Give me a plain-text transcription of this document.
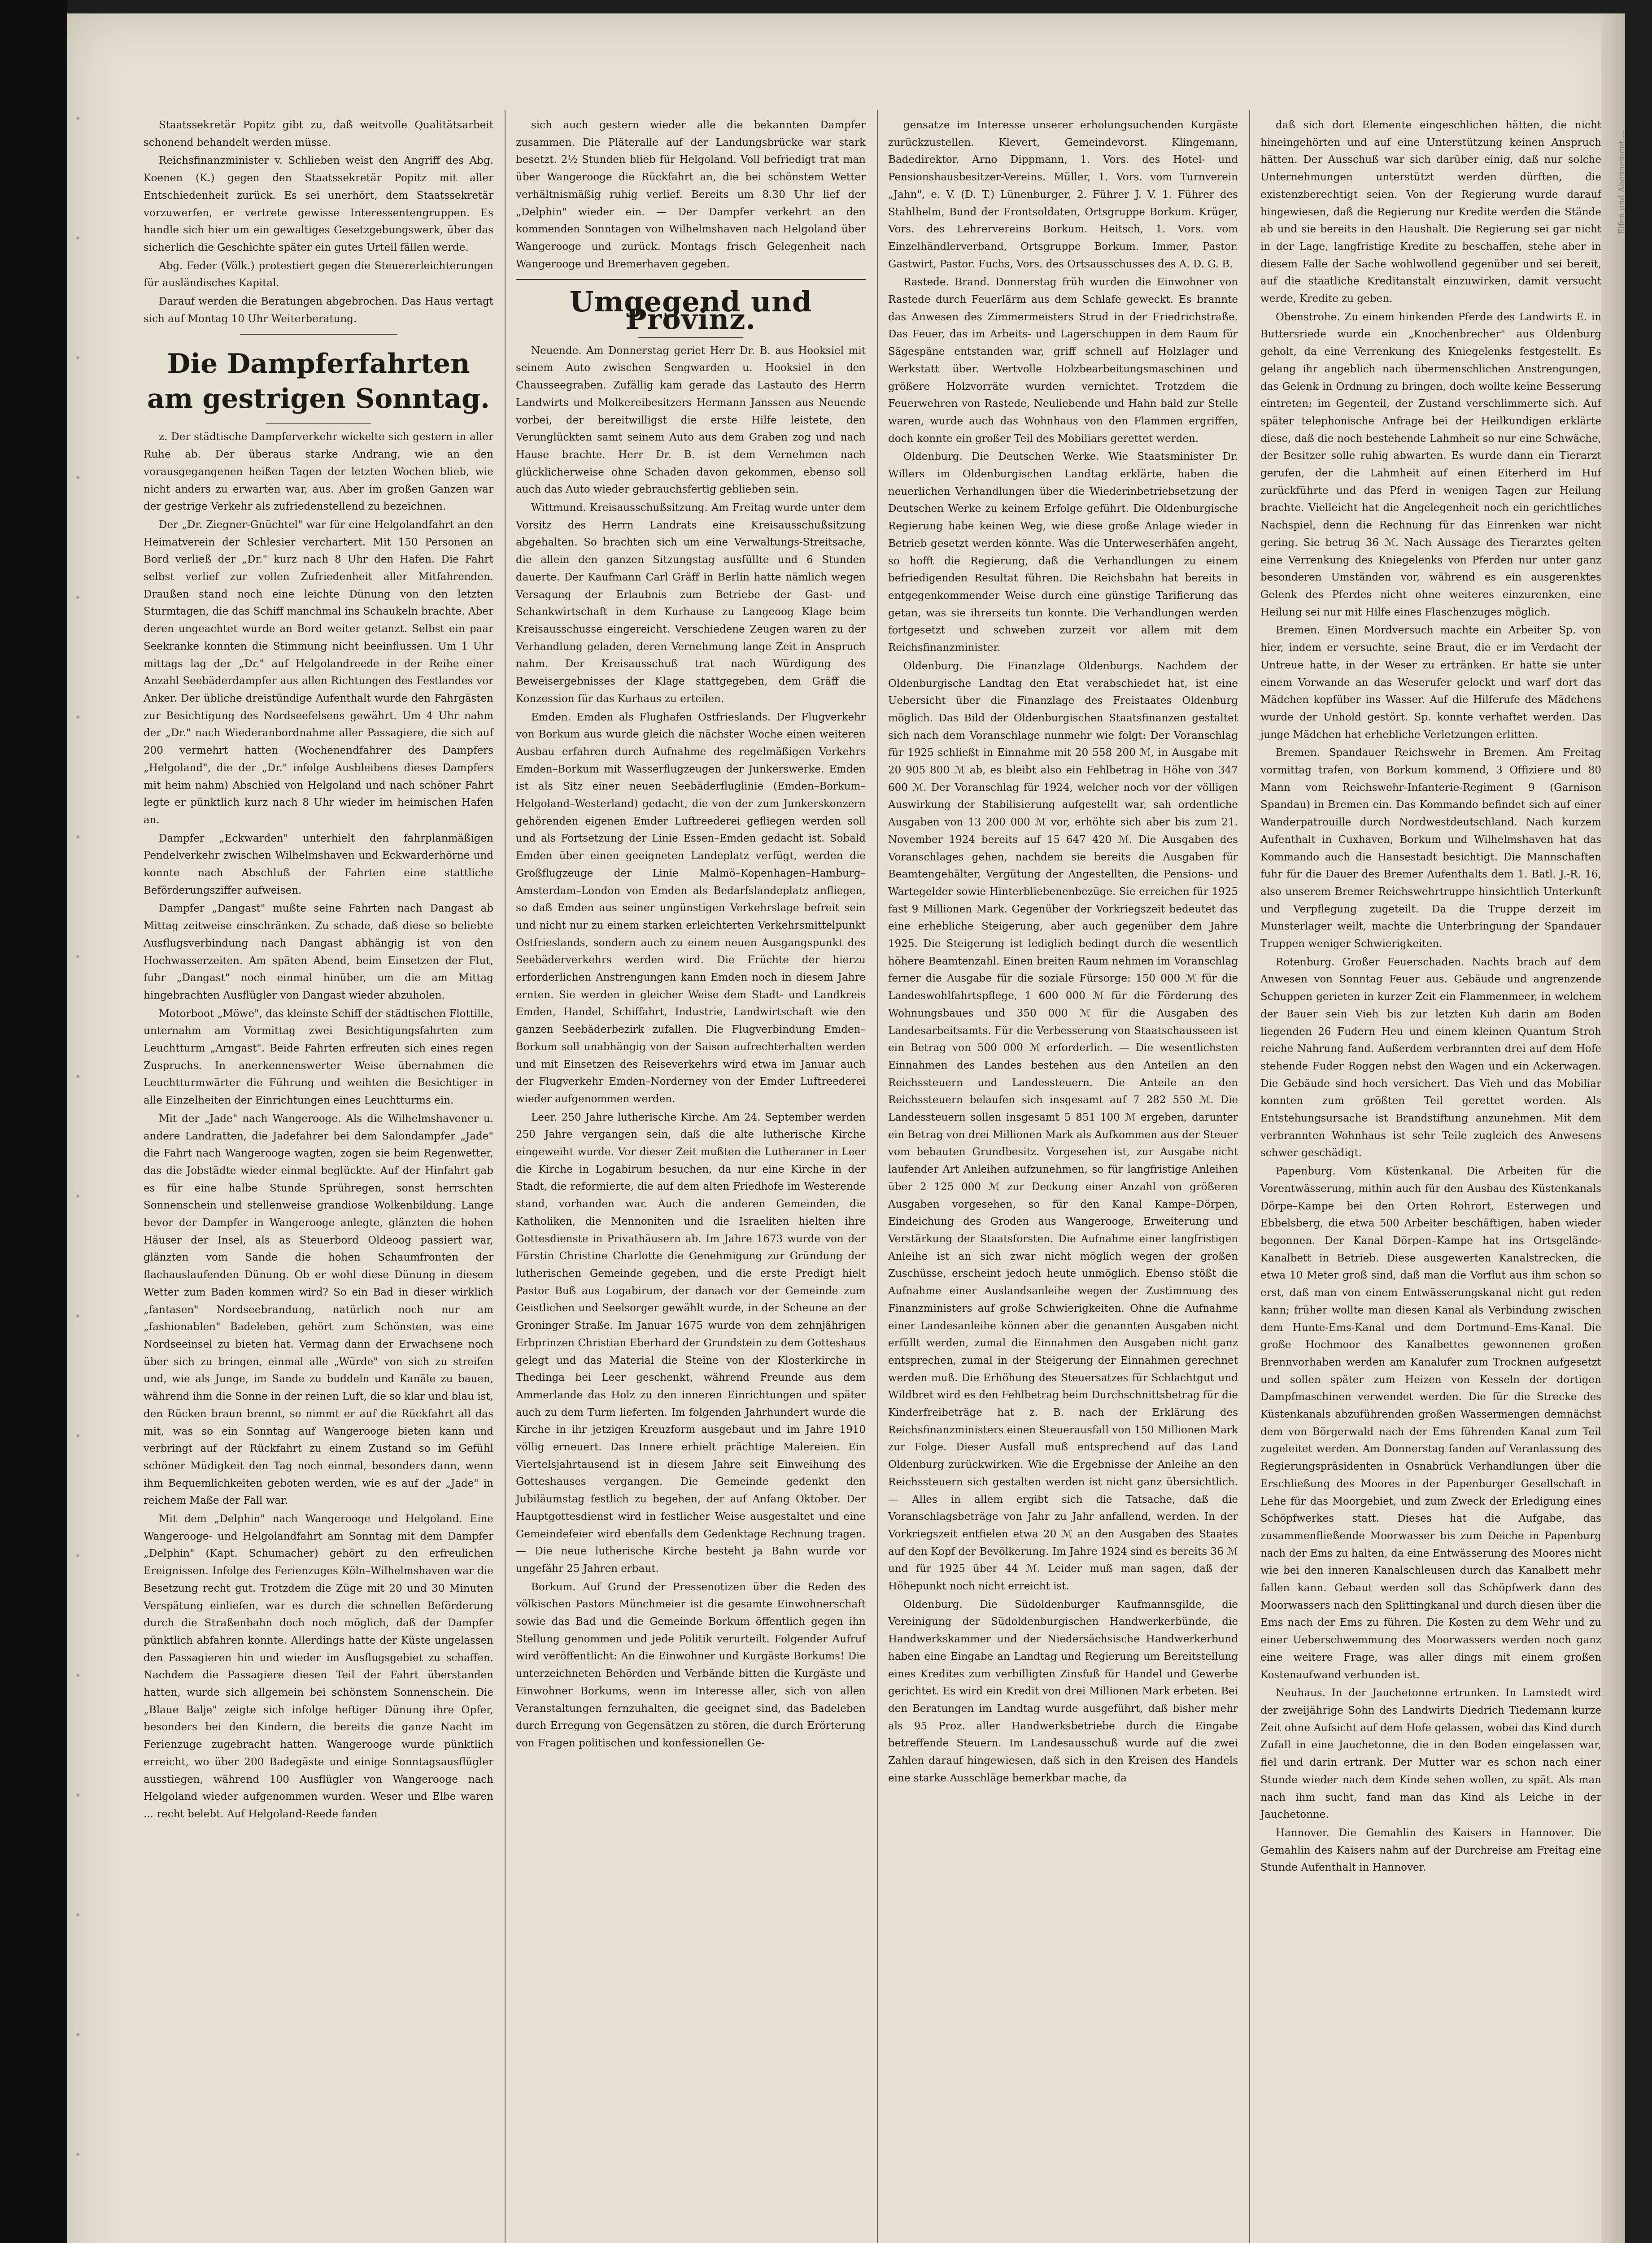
Staatssekretär Popitz gibt zu, daß weitvolle Qualitätsarbeit schonend behandelt werden müsse.

Reichsfinanzminister v. Schlieben weist den Angriff des Abg. Koenen (K.) gegen den Staatssekretär Popitz mit aller Entschiedenheit zurück. Es sei unerhört, dem Staatssekretär vorzuwerfen, er vertrete gewisse Interessentengruppen. Es handle sich hier um ein gewaltiges Gesetzgebungswerk, über das sicherlich die Geschichte später ein gutes Urteil fällen werde.

Abg. Feder (Völk.) protestiert gegen die Steuererleichterungen für ausländisches Kapital.

Darauf werden die Beratungen abgebrochen. Das Haus vertagt sich auf Montag 10 Uhr Weiterberatung.

Die Dampferfahrten am gestrigen Sonntag.

z. Der städtische Dampferverkehr wickelte sich gestern in aller Ruhe ab. Der überaus starke Andrang, wie an den vorausgegangenen heißen Tagen der letzten Wochen blieb, wie nicht anders zu erwarten war, aus. Aber im großen Ganzen war der gestrige Verkehr als zufriedenstellend zu bezeichnen.

Der „Dr. Ziegner-Gnüchtel" war für eine Helgolandfahrt an den Heimatverein der Schlesier verchartert. Mit 150 Personen an Bord verließ der „Dr." kurz nach 8 Uhr den Hafen. Die Fahrt selbst verlief zur vollen Zufriedenheit aller Mitfahrenden. Draußen stand noch eine leichte Dünung von den letzten Sturmtagen, die das Schiff manchmal ins Schaukeln brachte. Aber deren ungeachtet wurde an Bord weiter getanzt. Selbst ein paar Seekranke konnten die Stimmung nicht beeinflussen. Um 1 Uhr mittags lag der „Dr." auf Helgolandreede in der Reihe einer Anzahl Seebäderdampfer aus allen Richtungen des Festlandes vor Anker. Der übliche dreistündige Aufenthalt wurde den Fahrgästen zur Besichtigung des Nordseefelsens gewährt. Um 4 Uhr nahm der „Dr." nach Wiederanbordnahme aller Passagiere, die sich auf 200 vermehrt hatten (Wochenendfahrer des Dampfers „Helgoland", die der „Dr." infolge Ausbleibens dieses Dampfers mit heim nahm) Abschied von Helgoland und nach schöner Fahrt legte er pünktlich kurz nach 8 Uhr wieder im heimischen Hafen an.

Dampfer „Eckwarden" unterhielt den fahrplanmäßigen Pendelverkehr zwischen Wilhelmshaven und Eckwarderhörne und konnte nach Abschluß der Fahrten eine stattliche Beförderungsziffer aufweisen.

Dampfer „Dangast" mußte seine Fahrten nach Dangast ab Mittag zeitweise einschränken. Zu schade, daß diese so beliebte Ausflugsverbindung nach Dangast abhängig ist von den Hochwasserzeiten. Am späten Abend, beim Einsetzen der Flut, fuhr „Dangast" noch einmal hinüber, um die am Mittag hingebrachten Ausflügler von Dangast wieder abzuholen.

Motorboot „Möwe", das kleinste Schiff der städtischen Flottille, unternahm am Vormittag zwei Besichtigungsfahrten zum Leuchtturm „Arngast". Beide Fahrten erfreuten sich eines regen Zuspruchs. In anerkennenswerter Weise übernahmen die Leuchtturmwärter die Führung und weihten die Besichtiger in alle Einzelheiten der Einrichtungen eines Leuchtturms ein.

Mit der „Jade" nach Wangerooge. Als die Wilhelmshavener u. andere Landratten, die Jadefahrer bei dem Salondampfer „Jade" die Fahrt nach Wangerooge wagten, zogen sie beim Regenwetter, das die Jobstädte wieder einmal beglückte. Auf der Hinfahrt gab es für eine halbe Stunde Sprühregen, sonst herrschten Sonnenschein und stellenweise grandiose Wolkenbildung. Lange bevor der Dampfer in Wangerooge anlegte, glänzten die hohen Häuser der Insel, als as Steuerbord Oldeoog passiert war, glänzten vom Sande die hohen Schaumfronten der flachauslaufenden Dünung. Ob er wohl diese Dünung in diesem Wetter zum Baden kommen wird? So ein Bad in dieser wirklich „fantasen" Nordseebrandung, natürlich noch nur am „fashionablen" Badeleben, gehört zum Schönsten, was eine Nordseeinsel zu bieten hat. Vermag dann der Erwachsene noch über sich zu bringen, einmal alle „Würde" von sich zu streifen und, wie als Junge, im Sande zu buddeln und Kanäle zu bauen, während ihm die Sonne in der reinen Luft, die so klar und blau ist, den Rücken braun brennt, so nimmt er auf die Rückfahrt all das mit, was so ein Sonntag auf Wangerooge bieten kann und verbringt auf der Rückfahrt zu einem Zustand so im Gefühl schöner Müdigkeit den Tag noch einmal, besonders dann, wenn ihm Bequemlichkeiten geboten werden, wie es auf der „Jade" in reichem Maße der Fall war.

Mit dem „Delphin" nach Wangerooge und Helgoland. Eine Wangerooge- und Helgolandfahrt am Sonntag mit dem Dampfer „Delphin" (Kapt. Schumacher) gehört zu den erfreulichen Ereignissen. Infolge des Ferienzuges Köln–Wilhelmshaven war die Besetzung recht gut. Trotzdem die Züge mit 20 und 30 Minuten Verspätung einliefen, war es durch die schnellen Beförderung durch die Straßenbahn doch noch möglich, daß der Dampfer pünktlich abfahren konnte. Allerdings hatte der Küste ungelassen den Passagieren hin und wieder im Ausflugsgebiet zu schaffen. Nachdem die Passagiere diesen Teil der Fahrt überstanden hatten, wurde sich allgemein bei schönstem Sonnenschein. Die „Blaue Balje" zeigte sich infolge heftiger Dünung ihre Opfer, besonders bei den Kindern, die bereits die ganze Nacht im Ferienzuge zugebracht hatten. Wangerooge wurde pünktlich erreicht, wo über 200 Badegäste und einige Sonntagsausflügler ausstiegen, während 100 Ausflügler von Wangerooge nach Helgoland wieder aufgenommen wurden. Weser und Elbe waren ... recht belebt. Auf Helgoland-Reede fanden

sich auch gestern wieder alle die bekannten Dampfer zusammen. Die Pläteralle auf der Landungsbrücke war stark besetzt. 2½ Stunden blieb für Helgoland. Voll befriedigt trat man über Wangerooge die Rückfahrt an, die bei schönstem Wetter verhältnismäßig ruhig verlief. Bereits um 8.30 Uhr lief der „Delphin" wieder ein. — Der Dampfer verkehrt an den kommenden Sonntagen von Wilhelmshaven nach Helgoland über Wangerooge und zurück. Montags frisch Gelegenheit nach Wangerooge und Bremerhaven gegeben.

Umgegend und Provinz.

Neuende. Am Donnerstag geriet Herr Dr. B. aus Hooksiel mit seinem Auto zwischen Sengwarden u. Hooksiel in den Chausseegraben. Zufällig kam gerade das Lastauto des Herrn Landwirts und Molkereibesitzers Hermann Janssen aus Neuende vorbei, der bereitwilligst die erste Hilfe leistete, den Verunglückten samt seinem Auto aus dem Graben zog und nach Hause brachte. Herr Dr. B. ist dem Vernehmen nach glücklicherweise ohne Schaden davon gekommen, ebenso soll auch das Auto wieder gebrauchsfertig geblieben sein.

Wittmund. Kreisausschußsitzung. Am Freitag wurde unter dem Vorsitz des Herrn Landrats eine Kreisausschußsitzung abgehalten. So brachten sich um eine Verwaltungs-Streitsache, die allein den ganzen Sitzungstag ausfüllte und 6 Stunden dauerte. Der Kaufmann Carl Gräff in Berlin hatte nämlich wegen Versagung der Erlaubnis zum Betriebe der Gast- und Schankwirtschaft in dem Kurhause zu Langeoog Klage beim Kreisausschusse eingereicht. Verschiedene Zeugen waren zu der Verhandlung geladen, deren Vernehmung lange Zeit in Anspruch nahm. Der Kreisausschuß trat nach Würdigung des Beweisergebnisses der Klage stattgegeben, dem Gräff die Konzession für das Kurhaus zu erteilen.

Emden. Emden als Flughafen Ostfrieslands. Der Flugverkehr von Borkum aus wurde gleich die nächster Woche einen weiteren Ausbau erfahren durch Aufnahme des regelmäßigen Verkehrs Emden–Borkum mit Wasserflugzeugen der Junkerswerke. Emden ist als Sitz einer neuen Seebäderfluglinie (Emden–Borkum–Helgoland–Westerland) gedacht, die von der zum Junkerskonzern gehörenden eigenen Emder Luftreederei gefliegen werden soll und als Fortsetzung der Linie Essen–Emden gedacht ist. Sobald Emden über einen geeigneten Landeplatz verfügt, werden die Großflugzeuge der Linie Malmö–Kopenhagen–Hamburg–Amsterdam–London von Emden als Bedarfslandeplatz anfliegen, so daß Emden aus seiner ungünstigen Verkehrslage befreit sein und nicht nur zu einem starken erleichterten Verkehrsmittelpunkt Ostfrieslands, sondern auch zu einem neuen Ausgangspunkt des Seebäderverkehrs werden wird. Die Früchte der hierzu erforderlichen Anstrengungen kann Emden noch in diesem Jahre ernten. Sie werden in gleicher Weise dem Stadt- und Landkreis Emden, Handel, Schiffahrt, Industrie, Landwirtschaft wie den ganzen Seebäderbezirk zufallen. Die Flugverbindung Emden–Borkum soll unabhängig von der Saison aufrechterhalten werden und mit Einsetzen des Reiseverkehrs wird etwa im Januar auch der Flugverkehr Emden–Norderney von der Emder Luftreederei wieder aufgenommen werden.

Leer. 250 Jahre lutherische Kirche. Am 24. September werden 250 Jahre vergangen sein, daß die alte lutherische Kirche eingeweiht wurde. Vor dieser Zeit mußten die Lutheraner in Leer die Kirche in Logabirum besuchen, da nur eine Kirche in der Stadt, die reformierte, die auf dem alten Friedhofe im Westerende stand, vorhanden war. Auch die anderen Gemeinden, die Katholiken, die Mennoniten und die Israeliten hielten ihre Gottesdienste in Privathäusern ab. Im Jahre 1673 wurde von der Fürstin Christine Charlotte die Genehmigung zur Gründung der lutherischen Gemeinde gegeben, und die erste Predigt hielt Pastor Buß aus Logabirum, der danach vor der Gemeinde zum Geistlichen und Seelsorger gewählt wurde, in der Scheune an der Groninger Straße. Im Januar 1675 wurde von dem zehnjährigen Erbprinzen Christian Eberhard der Grundstein zu dem Gotteshaus gelegt und das Material die Steine von der Klosterkirche in Thedinga bei Leer geschenkt, während Freunde aus dem Ammerlande das Holz zu den inneren Einrichtungen und später auch zu dem Turm lieferten. Im folgenden Jahrhundert wurde die Kirche in ihr jetzigen Kreuzform ausgebaut und im Jahre 1910 völlig erneuert. Das Innere erhielt prächtige Malereien. Ein Viertelsjahrtausend ist in diesem Jahre seit Einweihung des Gotteshauses vergangen. Die Gemeinde gedenkt den Jubiläumstag festlich zu begehen, der auf Anfang Oktober. Der Hauptgottesdienst wird in festlicher Weise ausgestaltet und eine Gemeindefeier wird ebenfalls dem Gedenktage Rechnung tragen. — Die neue lutherische Kirche besteht ja Bahn wurde vor ungefähr 25 Jahren erbaut.

Borkum. Auf Grund der Pressenotizen über die Reden des völkischen Pastors Münchmeier ist die gesamte Einwohnerschaft sowie das Bad und die Gemeinde Borkum öffentlich gegen ihn Stellung genommen und jede Politik verurteilt. Folgender Aufruf wird veröffentlicht: An die Einwohner und Kurgäste Borkums! Die unterzeichneten Behörden und Verbände bitten die Kurgäste und Einwohner Borkums, wenn im Interesse aller, sich von allen Veranstaltungen fernzuhalten, die geeignet sind, das Badeleben durch Erregung von Gegensätzen zu stören, die durch Erörterung von Fragen politischen und konfessionellen Ge-

gensatze im Interesse unserer erholungsuchenden Kurgäste zurückzustellen. Klevert, Gemeindevorst. Klingemann, Badedirektor. Arno Dippmann, 1. Vors. des Hotel- und Pensionshausbesitzer-Vereins. Müller, 1. Vors. vom Turnverein „Jahn", e. V. (D. T.) Lünenburger, 2. Führer J. V. 1. Führer des Stahlhelm, Bund der Frontsoldaten, Ortsgruppe Borkum. Krüger, Vors. des Lehrervereins Borkum. Heitsch, 1. Vors. vom Einzelhändlerverband, Ortsgruppe Borkum. Immer, Pastor. Gastwirt, Pastor. Fuchs, Vors. des Ortsausschusses des A. D. G. B.

Rastede. Brand. Donnerstag früh wurden die Einwohner von Rastede durch Feuerlärm aus dem Schlafe geweckt. Es brannte das Anwesen des Zimmermeisters Strud in der Friedrichstraße. Das Feuer, das im Arbeits- und Lagerschuppen in dem Raum für Sägespäne entstanden war, griff schnell auf Holzlager und Werkstatt über. Wertvolle Holzbearbeitungsmaschinen und größere Holzvorräte wurden vernichtet. Trotzdem die Feuerwehren von Rastede, Neuliebende und Hahn bald zur Stelle waren, wurde auch das Wohnhaus von den Flammen ergriffen, doch konnte ein großer Teil des Mobiliars gerettet werden.

Oldenburg. Die Deutschen Werke. Wie Staatsminister Dr. Willers im Oldenburgischen Landtag erklärte, haben die neuerlichen Verhandlungen über die Wiederinbetriebsetzung der Deutschen Werke zu keinem Erfolge geführt. Die Oldenburgische Regierung habe keinen Weg, wie diese große Anlage wieder in Betrieb gesetzt werden könnte. Was die Unterweserhäfen angeht, so hofft die Regierung, daß die Verhandlungen zu einem befriedigenden Resultat führen. Die Reichsbahn hat bereits in entgegenkommender Weise durch eine günstige Tarifierung das getan, was sie ihrerseits tun konnte. Die Verhandlungen werden fortgesetzt und schweben zurzeit vor allem mit dem Reichsfinanzminister.

Oldenburg. Die Finanzlage Oldenburgs. Nachdem der Oldenburgische Landtag den Etat verabschiedet hat, ist eine Uebersicht über die Finanzlage des Freistaates Oldenburg möglich. Das Bild der Oldenburgischen Staatsfinanzen gestaltet sich nach dem Voranschlage nunmehr wie folgt: Der Voranschlag für 1925 schließt in Einnahme mit 20 558 200 ℳ, in Ausgabe mit 20 905 800 ℳ ab, es bleibt also ein Fehlbetrag in Höhe von 347 600 ℳ. Der Voranschlag für 1924, welcher noch vor der völligen Auswirkung der Stabilisierung aufgestellt war, sah ordentliche Ausgaben von 13 200 000 ℳ vor, erhöhte sich aber bis zum 21. November 1924 bereits auf 15 647 420 ℳ. Die Ausgaben des Voranschlages gehen, nachdem sie bereits die Ausgaben für Beamtengehälter, Vergütung der Angestellten, die Pensions- und Wartegelder sowie Hinterbliebenenbezüge. Sie erreichen für 1925 fast 9 Millionen Mark. Gegenüber der Vorkriegszeit bedeutet das eine erhebliche Steigerung, aber auch gegenüber dem Jahre 1925. Die Steigerung ist lediglich bedingt durch die wesentlich höhere Beamtenzahl. Einen breiten Raum nehmen im Voranschlag ferner die Ausgabe für die soziale Fürsorge: 150 000 ℳ für die Landeswohlfahrtspflege, 1 600 000 ℳ für die Förderung des Wohnungsbaues und 350 000 ℳ für die Ausgaben des Landesarbeitsamts. Für die Verbesserung von Staatschausseen ist ein Betrag von 500 000 ℳ erforderlich. — Die wesentlichsten Einnahmen des Landes bestehen aus den Anteilen an den Reichssteuern und Landessteuern. Die Anteile an den Reichssteuern belaufen sich insgesamt auf 7 282 550 ℳ. Die Landessteuern sollen insgesamt 5 851 100 ℳ ergeben, darunter ein Betrag von drei Millionen Mark als Aufkommen aus der Steuer vom bebauten Grundbesitz. Vorgesehen ist, zur Ausgabe nicht laufender Art Anleihen aufzunehmen, so für langfristige Anleihen über 2 125 000 ℳ zur Deckung einer Anzahl von größeren Ausgaben vorgesehen, so für den Kanal Kampe–Dörpen, Eindeichung des Groden aus Wangerooge, Erweiterung und Verstärkung der Staatsforsten. Die Aufnahme einer langfristigen Anleihe ist an sich zwar nicht möglich wegen der großen Zuschüsse, erscheint jedoch heute unmöglich. Ebenso stößt die Aufnahme einer Auslandsanleihe wegen der Zustimmung des Finanzministers auf große Schwierigkeiten. Ohne die Aufnahme einer Landesanleihe können aber die genannten Ausgaben nicht erfüllt werden, zumal die Einnahmen den Ausgaben nicht ganz entsprechen, zumal in der Steigerung der Einnahmen gerechnet werden muß. Die Erhöhung des Steuersatzes für Schlachtgut und Wildbret wird es den Fehlbetrag beim Durchschnittsbetrag für die Kinderfreibeträge hat z. B. nach der Erklärung des Reichsfinanzministers einen Steuerausfall von 150 Millionen Mark zur Folge. Dieser Ausfall muß entsprechend auf das Land Oldenburg zurückwirken. Wie die Ergebnisse der Anleihe an den Reichssteuern sich gestalten werden ist nicht ganz übersichtlich. — Alles in allem ergibt sich die Tatsache, daß die Voranschlagsbeträge von Jahr zu Jahr anfallend, werden. In der Vorkriegszeit entfielen etwa 20 ℳ an den Ausgaben des Staates auf den Kopf der Bevölkerung. Im Jahre 1924 sind es bereits 36 ℳ und für 1925 über 44 ℳ. Leider muß man sagen, daß der Höhepunkt noch nicht erreicht ist.

Oldenburg. Die Südoldenburger Kaufmannsgilde, die Vereinigung der Südoldenburgischen Handwerkerbünde, die Handwerkskammer und der Niedersächsische Handwerkerbund haben eine Eingabe an Landtag und Regierung um Bereitstellung eines Kredites zum verbilligten Zinsfuß für Handel und Gewerbe gerichtet. Es wird ein Kredit von drei Millionen Mark erbeten. Bei den Beratungen im Landtag wurde ausgeführt, daß bisher mehr als 95 Proz. aller Handwerksbetriebe durch die Eingabe betreffende Steuern. Im Landesausschuß wurde auf die zwei Zahlen darauf hingewiesen, daß sich in den Kreisen des Handels eine starke Ausschläge bemerkbar mache, da

daß sich dort Elemente eingeschlichen hätten, die nicht hineingehörten und auf eine Unterstützung keinen Anspruch hätten. Der Ausschuß war sich darüber einig, daß nur solche Unternehmungen unterstützt werden dürften, die existenzberechtigt seien. Von der Regierung wurde darauf hingewiesen, daß die Regierung nur Kredite werden die Stände ab und sie bereits in den Haushalt. Die Regierung sei gar nicht in der Lage, langfristige Kredite zu beschaffen, stehe aber in diesem Falle der Sache wohlwollend gegenüber und sei bereit, auf die staatliche Kreditanstalt einzuwirken, damit versucht werde, Kredite zu geben.

Obenstrohe. Zu einem hinkenden Pferde des Landwirts E. in Buttersriede wurde ein „Knochenbrecher" aus Oldenburg geholt, da eine Verrenkung des Kniegelenks festgestellt. Es gelang ihr angeblich nach übermenschlichen Anstrengungen, das Gelenk in Ordnung zu bringen, doch wollte keine Besserung eintreten; im Gegenteil, der Zustand verschlimmerte sich. Auf später telephonische Anfrage bei der Heilkundigen erklärte diese, daß die noch bestehende Lahmheit so nur eine Schwäche, der Besitzer solle ruhig abwarten. Es wurde dann ein Tierarzt gerufen, der die Lahmheit auf einen Eiterherd im Huf zurückführte und das Pferd in wenigen Tagen zur Heilung brachte. Vielleicht hat die Angelegenheit noch ein gerichtliches Nachspiel, denn die Rechnung für das Einrenken war nicht gering. Sie betrug 36 ℳ. Nach Aussage des Tierarztes gelten eine Verrenkung des Kniegelenks von Pferden nur unter ganz besonderen Umständen vor, während es ein ausgerenktes Gelenk des Pferdes nicht ohne weiteres einzurenken, eine Heilung sei nur mit Hilfe eines Flaschenzuges möglich.

Bremen. Einen Mordversuch machte ein Arbeiter Sp. von hier, indem er versuchte, seine Braut, die er im Verdacht der Untreue hatte, in der Weser zu ertränken. Er hatte sie unter einem Vorwande an das Weserufer gelockt und warf dort das Mädchen kopfüber ins Wasser. Auf die Hilferufe des Mädchens wurde der Unhold gestört. Sp. konnte verhaftet werden. Das junge Mädchen hat erhebliche Verletzungen erlitten.

Bremen. Spandauer Reichswehr in Bremen. Am Freitag vormittag trafen, von Borkum kommend, 3 Offiziere und 80 Mann vom Reichswehr-Infanterie-Regiment 9 (Garnison Spandau) in Bremen ein. Das Kommando befindet sich auf einer Wanderpatrouille durch Nordwestdeutschland. Nach kurzem Aufenthalt in Cuxhaven, Borkum und Wilhelmshaven hat das Kommando auch die Hansestadt besichtigt. Die Mannschaften fuhr für die Dauer des Bremer Aufenthalts dem 1. Batl. J.-R. 16, also unserem Bremer Reichswehrtruppe hinsichtlich Unterkunft und Verpflegung zugeteilt. Da die Truppe derzeit im Munsterlager weilt, machte die Unterbringung der Spandauer Truppen weniger Schwierigkeiten.

Rotenburg. Großer Feuerschaden. Nachts brach auf dem Anwesen von Sonntag Feuer aus. Gebäude und angrenzende Schuppen gerieten in kurzer Zeit ein Flammenmeer, in welchem der Bauer sein Vieh bis zur letzten Kuh darin am Boden liegenden 26 Fudern Heu und einem kleinen Quantum Stroh reiche Nahrung fand. Außerdem verbrannten drei auf dem Hofe stehende Fuder Roggen nebst den Wagen und ein Ackerwagen. Die Gebäude sind hoch versichert. Das Vieh und das Mobiliar konnten zum größten Teil gerettet werden. Als Entstehungsursache ist Brandstiftung anzunehmen. Mit dem verbrannten Wohnhaus ist sehr Teile zugleich des Anwesens schwer geschädigt.

Papenburg. Vom Küstenkanal. Die Arbeiten für die Vorentwässerung, mithin auch für den Ausbau des Küstenkanals Dörpe–Kampe bei den Orten Rohrort, Esterwegen und Ebbelsberg, die etwa 500 Arbeiter beschäftigen, haben wieder begonnen. Der Kanal Dörpen–Kampe hat ins Ortsgelände-Kanalbett in Betrieb. Diese ausgewerten Kanalstrecken, die etwa 10 Meter groß sind, daß man die Vorflut aus ihm schon so erst, daß man von einem Entwässerungskanal nicht gut reden kann; früher wollte man diesen Kanal als Verbindung zwischen dem Hunte-Ems-Kanal und dem Dortmund–Ems-Kanal. Die große Hochmoor des Kanalbettes gewonnenen großen Brennvorhaben werden am Kanalufer zum Trocknen aufgesetzt und sollen später zum Heizen von Kesseln der dortigen Dampfmaschinen verwendet werden. Die für die Strecke des Küstenkanals abzuführenden großen Wassermengen demnächst dem von Börgerwald nach der Ems führenden Kanal zum Teil zugeleitet werden. Am Donnerstag fanden auf Veranlassung des Regierungspräsidenten in Osnabrück Verhandlungen über die Erschließung des Moores in der Papenburger Gesellschaft in Lehe für das Moorgebiet, und zum Zweck der Erledigung eines Schöpfwerkes statt. Dieses hat die Aufgabe, das zusammenfließende Moorwasser bis zum Deiche in Papenburg nach der Ems zu halten, da eine Entwässerung des Moores nicht wie bei den inneren Kanalschleusen durch das Kanalbett mehr fallen kann. Gebaut werden soll das Schöpfwerk dann des Moorwassers nach den Splittingkanal und durch diesen über die Ems nach der Ems zu führen. Die Kosten zu dem Wehr und zu einer Ueberschwemmung des Moorwassers werden noch ganz eine weitere Frage, was aller dings mit einem großen Kostenaufwand verbunden ist.

Neuhaus. In der Jauchetonne ertrunken. In Lamstedt wird der zweijährige Sohn des Landwirts Diedrich Tiedemann kurze Zeit ohne Aufsicht auf dem Hofe gelassen, wobei das Kind durch Zufall in eine Jauchetonne, die in den Boden eingelassen war, fiel und darin ertrank. Der Mutter war es schon nach einer Stunde wieder nach dem Kinde sehen wollen, zu spät. Als man nach ihm sucht, fand man das Kind als Leiche in der Jauchetonne.

Hannover. Die Gemahlin des Kaisers in Hannover. Die Gemahlin des Kaisers nahm auf der Durchreise am Freitag eine Stunde Aufenthalt in Hannover.

Elfen und Abonnement ...
